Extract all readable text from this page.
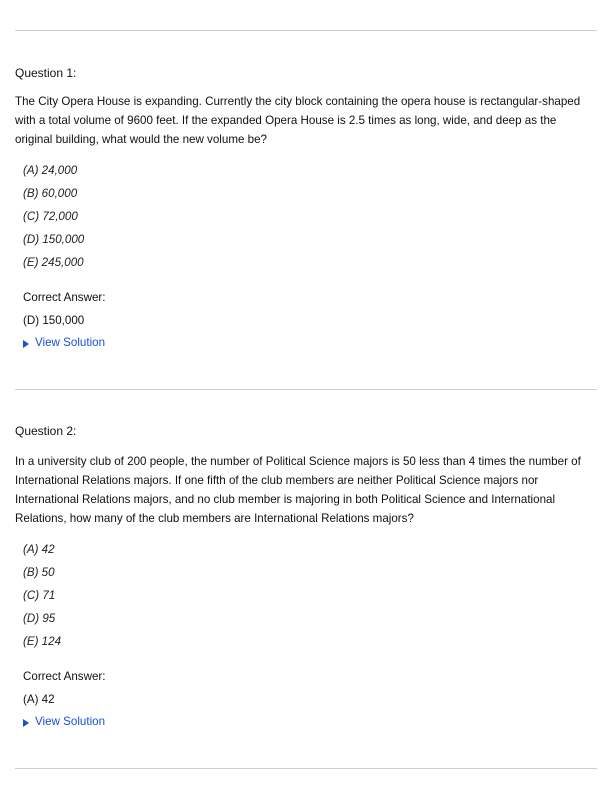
Question 1:
The City Opera House is expanding. Currently the city block containing the opera house is rectangular-shaped with a total volume of 9600 feet. If the expanded Opera House is 2.5 times as long, wide, and deep as the original building, what would the new volume be?
(A) 24,000
(B) 60,000
(C) 72,000
(D) 150,000
(E) 245,000
Correct Answer:
(D) 150,000
View Solution
Question 2:
In a university club of 200 people, the number of Political Science majors is 50 less than 4 times the number of International Relations majors. If one fifth of the club members are neither Political Science majors nor International Relations majors, and no club member is majoring in both Political Science and International Relations, how many of the club members are International Relations majors?
(A) 42
(B) 50
(C) 71
(D) 95
(E) 124
Correct Answer:
(A) 42
View Solution
